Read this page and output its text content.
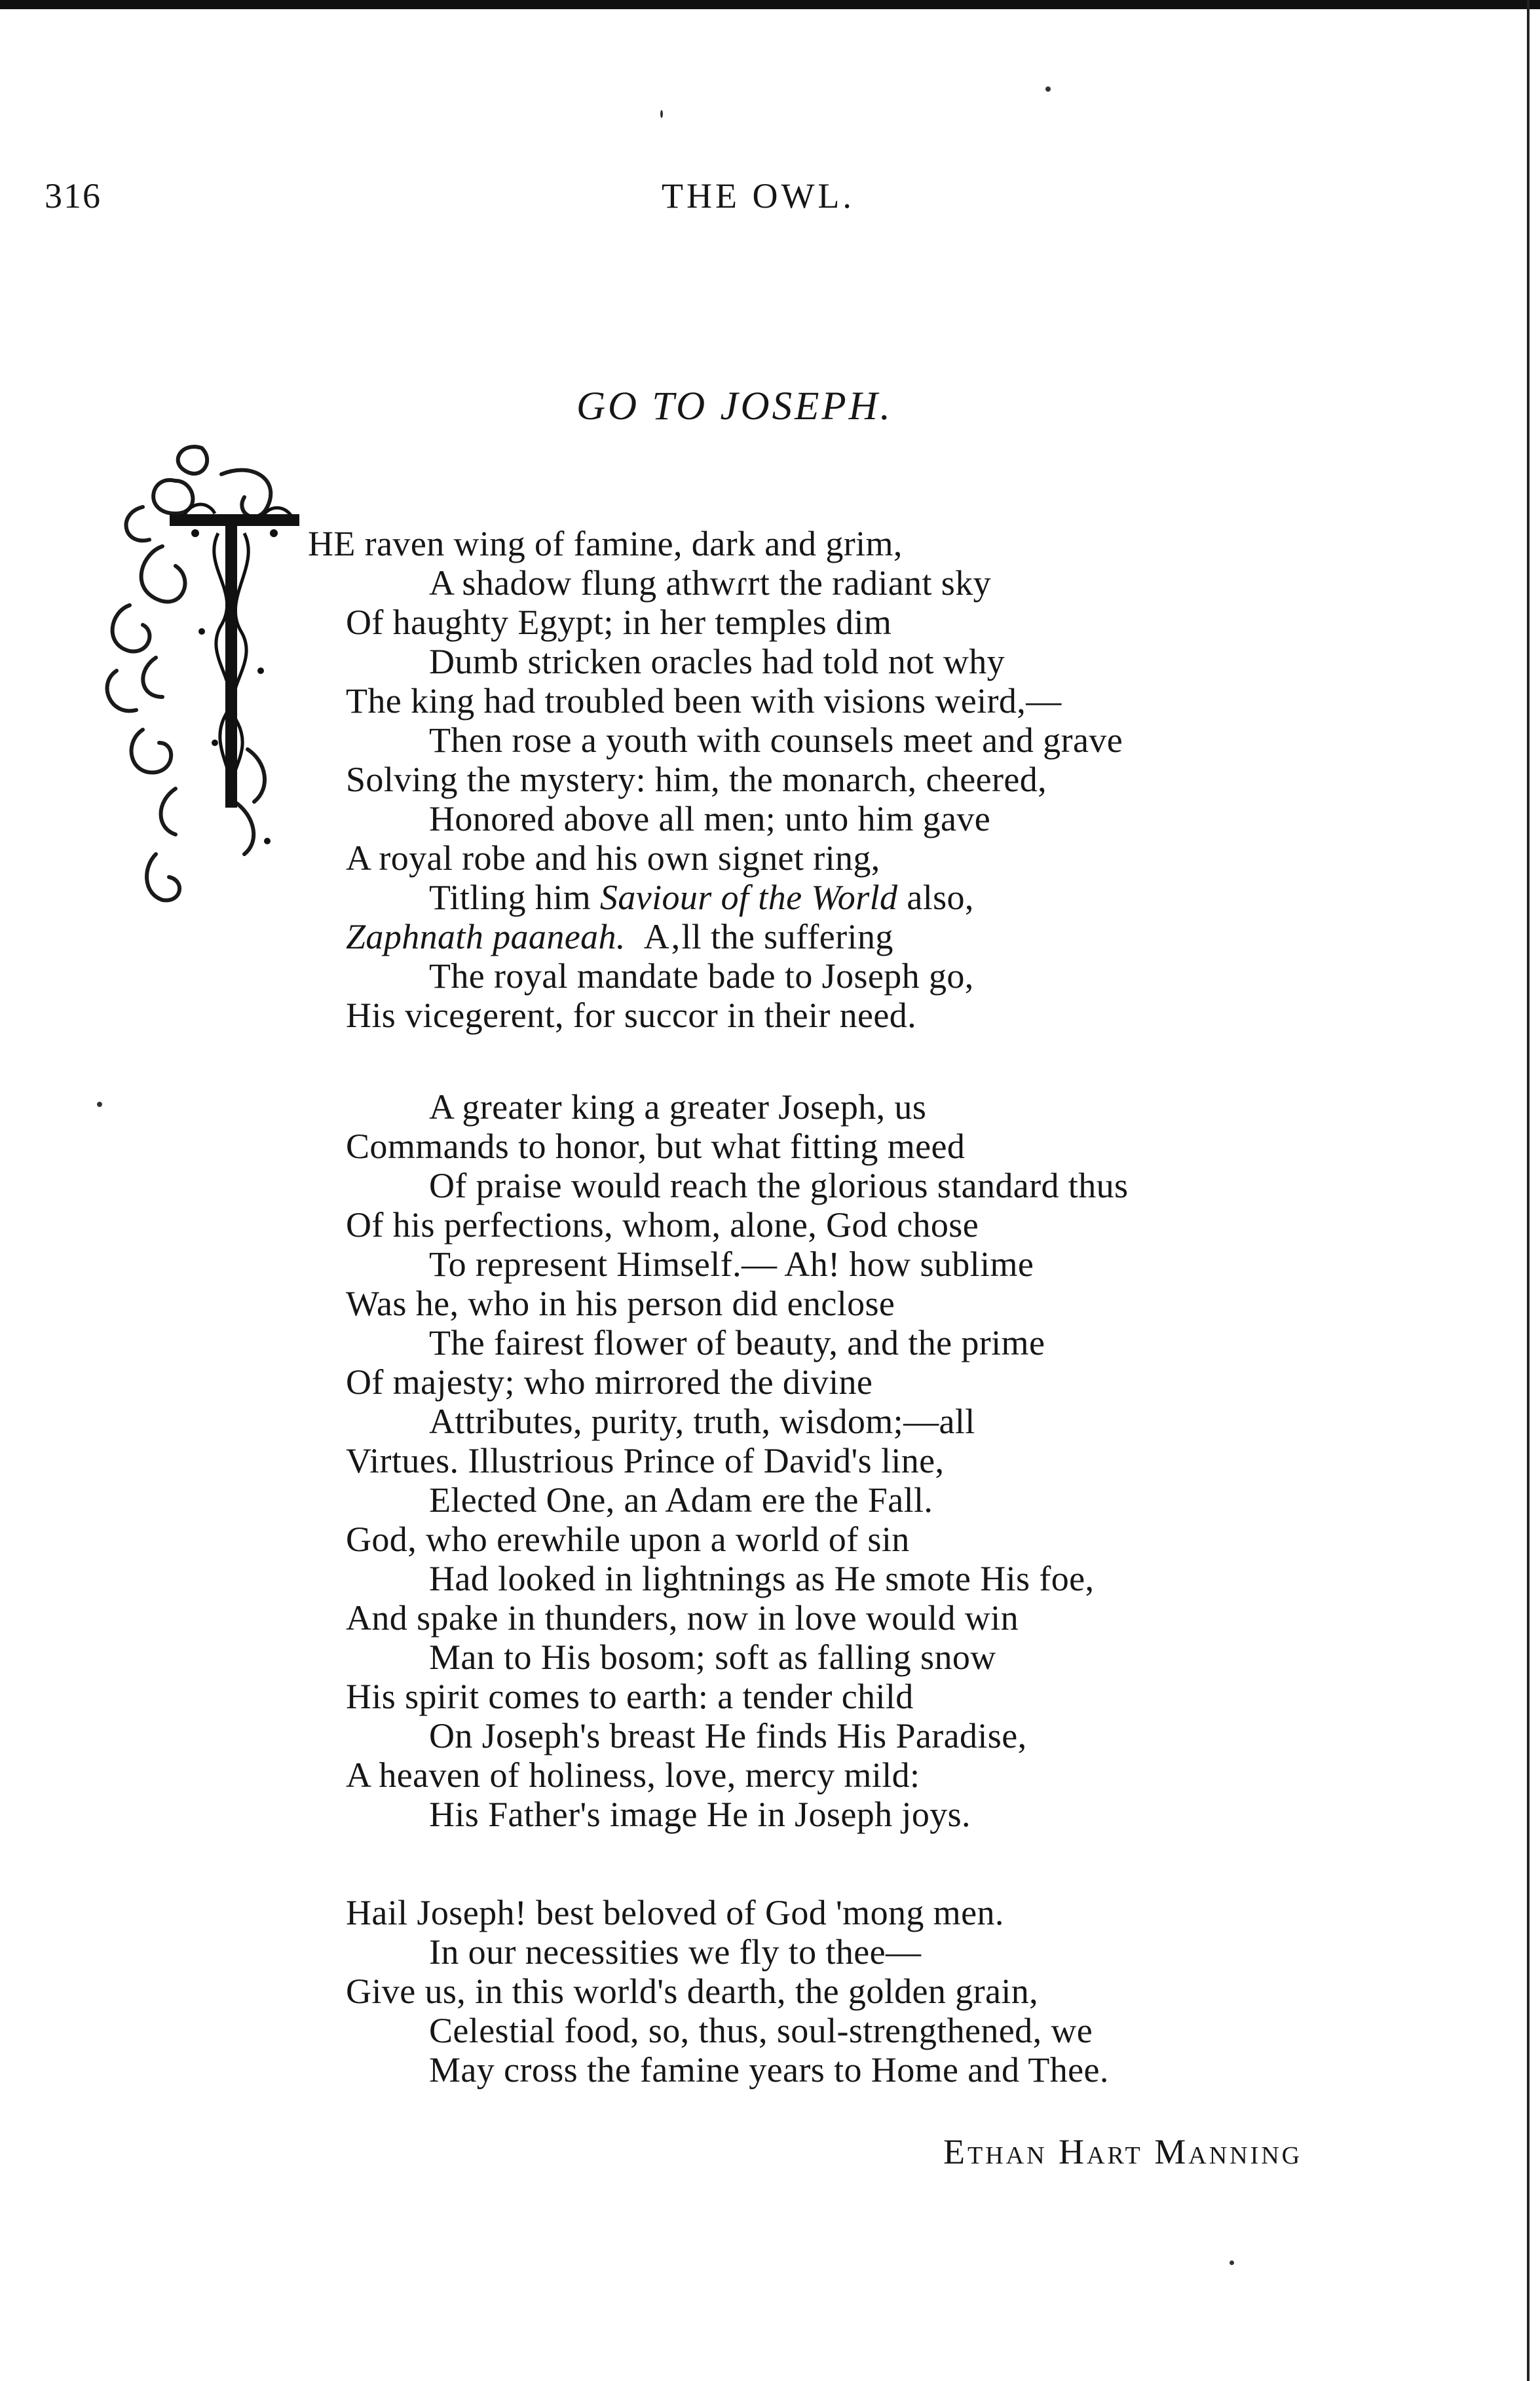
316	THE OWL.
GO TO JOSEPH.
HE raven wing of famine, dark and grim,
A shadow flung athwɾrt the radiant sky
Of haughty Egypt; in her temples dim
Dumb stricken oracles had told not why
The king had troubled been with visions weird,—
Then rose a youth with counsels meet and grave
Solving the mystery: him, the monarch, cheered,
Honored above all men; unto him gave
A royal robe and his own signet ring,
Titling him Saviour of the World also,
Zaphnath paaneah. A‚ll the suffering
The royal mandate bade to Joseph go,
His vicegerent, for succor in their need.
A greater king a greater Joseph, us
Commands to honor, but what fitting meed
Of praise would reach the glorious standard thus
Of his perfections, whom, alone, God chose
To represent Himself.— Ah! how sublime
Was he, who in his person did enclose
The fairest flower of beauty, and the prime
Of majesty; who mirrored the divine
Attributes, purity, truth, wisdom;—all
Virtues. Illustrious Prince of David's line,
Elected One, an Adam ere the Fall.
God, who erewhile upon a world of sin
Had looked in lightnings as He smote His foe,
And spake in thunders, now in love would win
Man to His bosom; soft as falling snow
His spirit comes to earth: a tender child
On Joseph's breast He finds His Paradise,
A heaven of holiness, love, mercy mild:
His Father's image He in Joseph joys.
Hail Joseph! best beloved of God 'mong men.
In our necessities we fly to thee—
Give us, in this world's dearth, the golden grain,
Celestial food, so, thus, soul-strengthened, we
May cross the famine years to Home and Thee.
Ethan Hart Manning
